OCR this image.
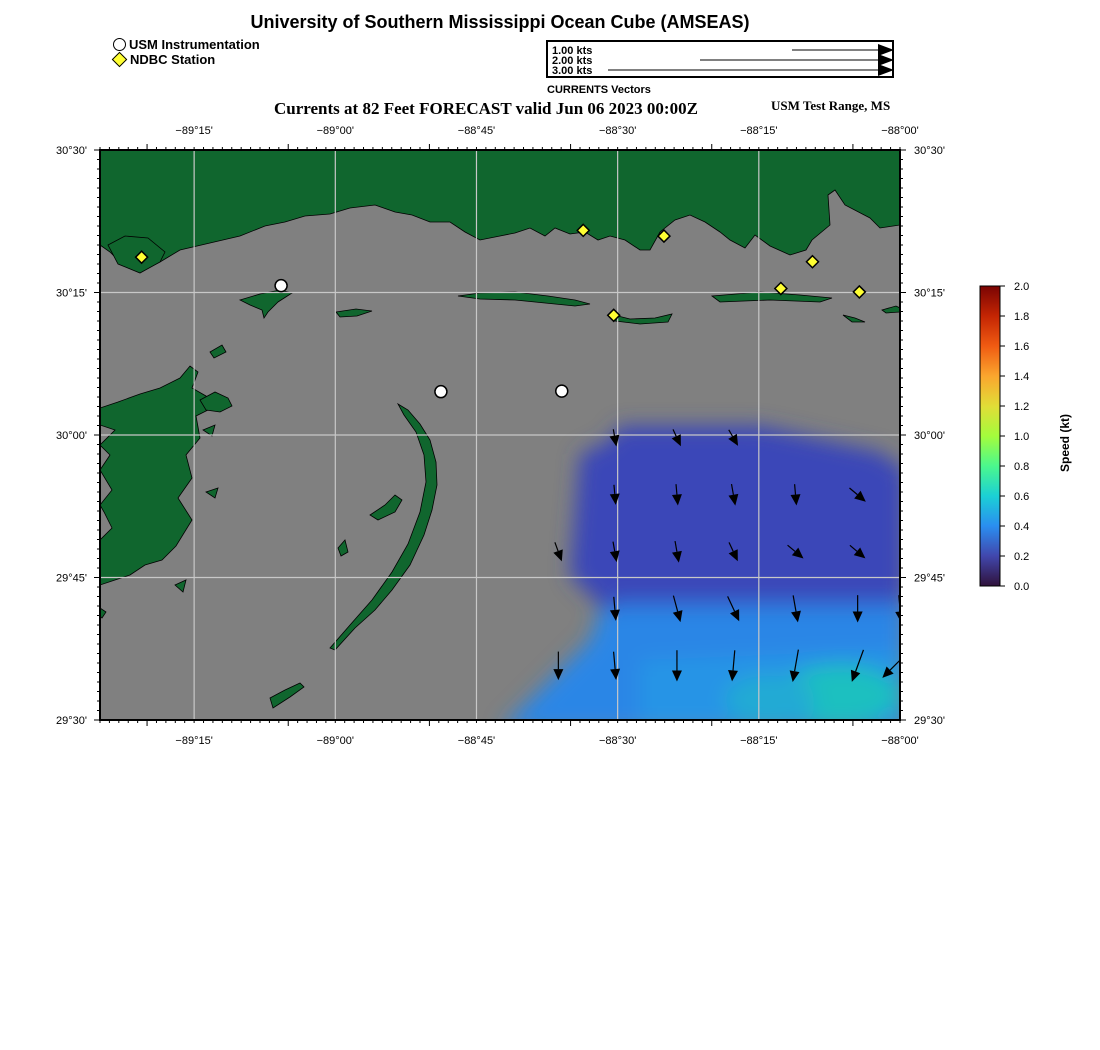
University of Southern Mississippi Ocean Cube (AMSEAS)
USM Instrumentation
NDBC Station
1.00 kts
2.00 kts
3.00 kts
CURRENTS Vectors
Currents at 82 Feet FORECAST valid Jun 06 2023 00:00Z	USM Test Range, MS
−89°15'
−89°15'
−89°00'
−89°00'
−88°45'
−88°45'
−88°30'
−88°30'
−88°15'
−88°15'
−88°00'
−88°00'
30°30'	30°30'
30°15'	30°15'
30°00'	30°00'
29°45'	29°45'
29°30'	29°30'
2.0
1.8
1.6
1.4
1.2
1.0
0.8
0.6
0.4
0.2
0.0
Speed (kt)
